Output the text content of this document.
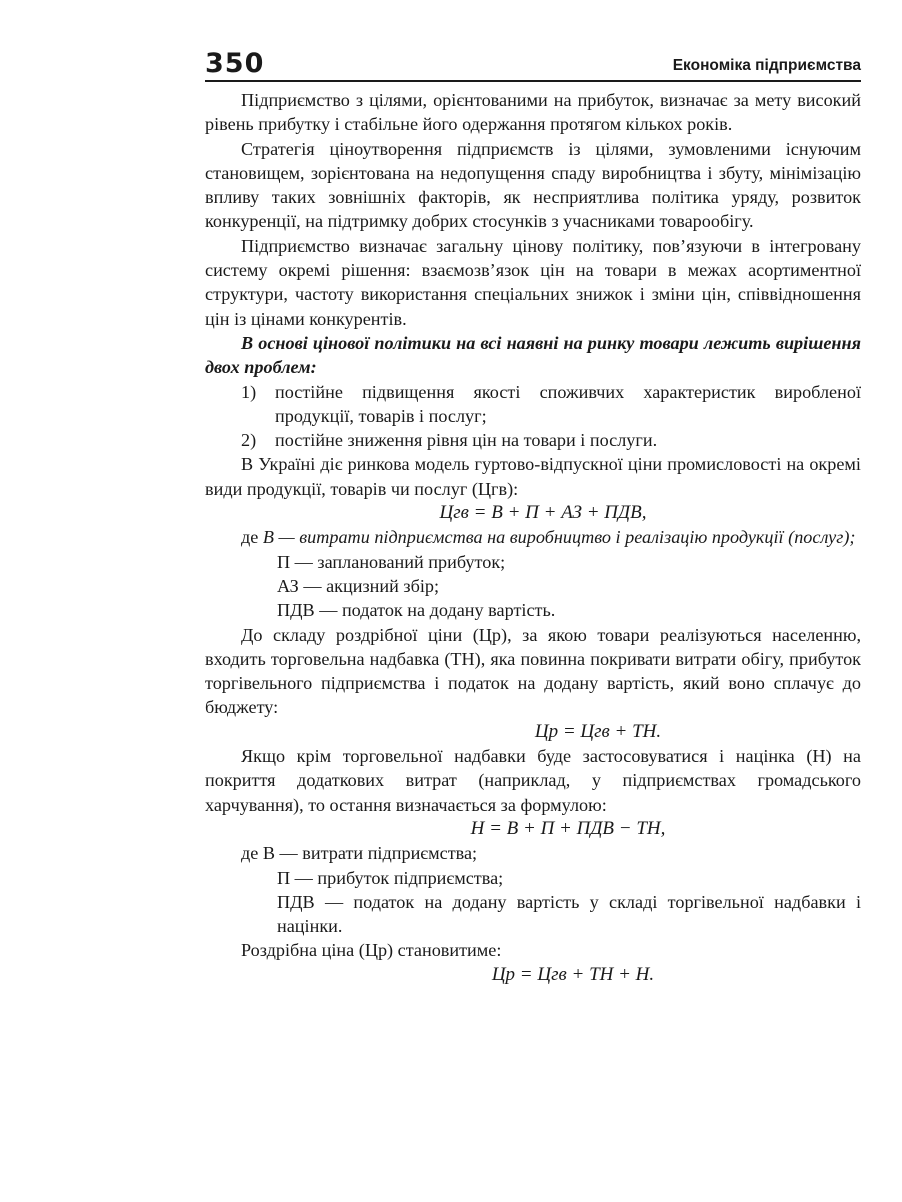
350	Економіка підприємства

Підприємство з цілями, орієнтованими на прибуток, визначає за мету високий рівень прибутку і стабільне його одержання протягом кількох років.

Стратегія ціноутворення підприємств із цілями, зумовленими існуючим становищем, зорієнтована на недопущення спаду виробництва і збуту, мінімізацію впливу таких зовнішніх факторів, як несприятлива політика уряду, розвиток конкуренції, на підтримку добрих стосунків з учасниками товарообігу.

Підприємство визначає загальну цінову політику, пов’язуючи в інтегровану систему окремі рішення: взаємозв’язок цін на товари в межах асортиментної структури, частоту використання спеціальних знижок і зміни цін, співвідношення цін із цінами конкурентів.

В основі цінової політики на всі наявні на ринку товари лежить вирішення двох проблем:

1)	постійне підвищення якості споживчих характеристик виробленої продукції, товарів і послуг;
2)	постійне зниження рівня цін на товари і послуги.

В Україні діє ринкова модель гуртово-відпускної ціни промисловості на окремі види продукції, товарів чи послуг (Цгв):

Цгв = В + П + АЗ + ПДВ,

де В — витрати підприємства на виробництво і реалізацію продукції (послуг);

П — запланований прибуток;

АЗ — акцизний збір;

ПДВ — податок на додану вартість.

До складу роздрібної ціни (Цр), за якою товари реалізуються населенню, входить торговельна надбавка (ТН), яка повинна покривати витрати обігу, прибуток торгівельного підприємства і податок на додану вартість, який воно сплачує до бюджету:

Цр = Цгв + ТН.

Якщо крім торговельної надбавки буде застосовуватися і націнка (Н) на покриття додаткових витрат (наприклад, у підприємствах громадського харчування), то остання визначається за формулою:

Н = В + П + ПДВ − ТН,

де В — витрати підприємства;

П — прибуток підприємства;

ПДВ — податок на додану вартість у складі торгівельної надбавки і націнки.

Роздрібна ціна (Цр) становитиме:

Цр = Цгв + ТН + Н.
